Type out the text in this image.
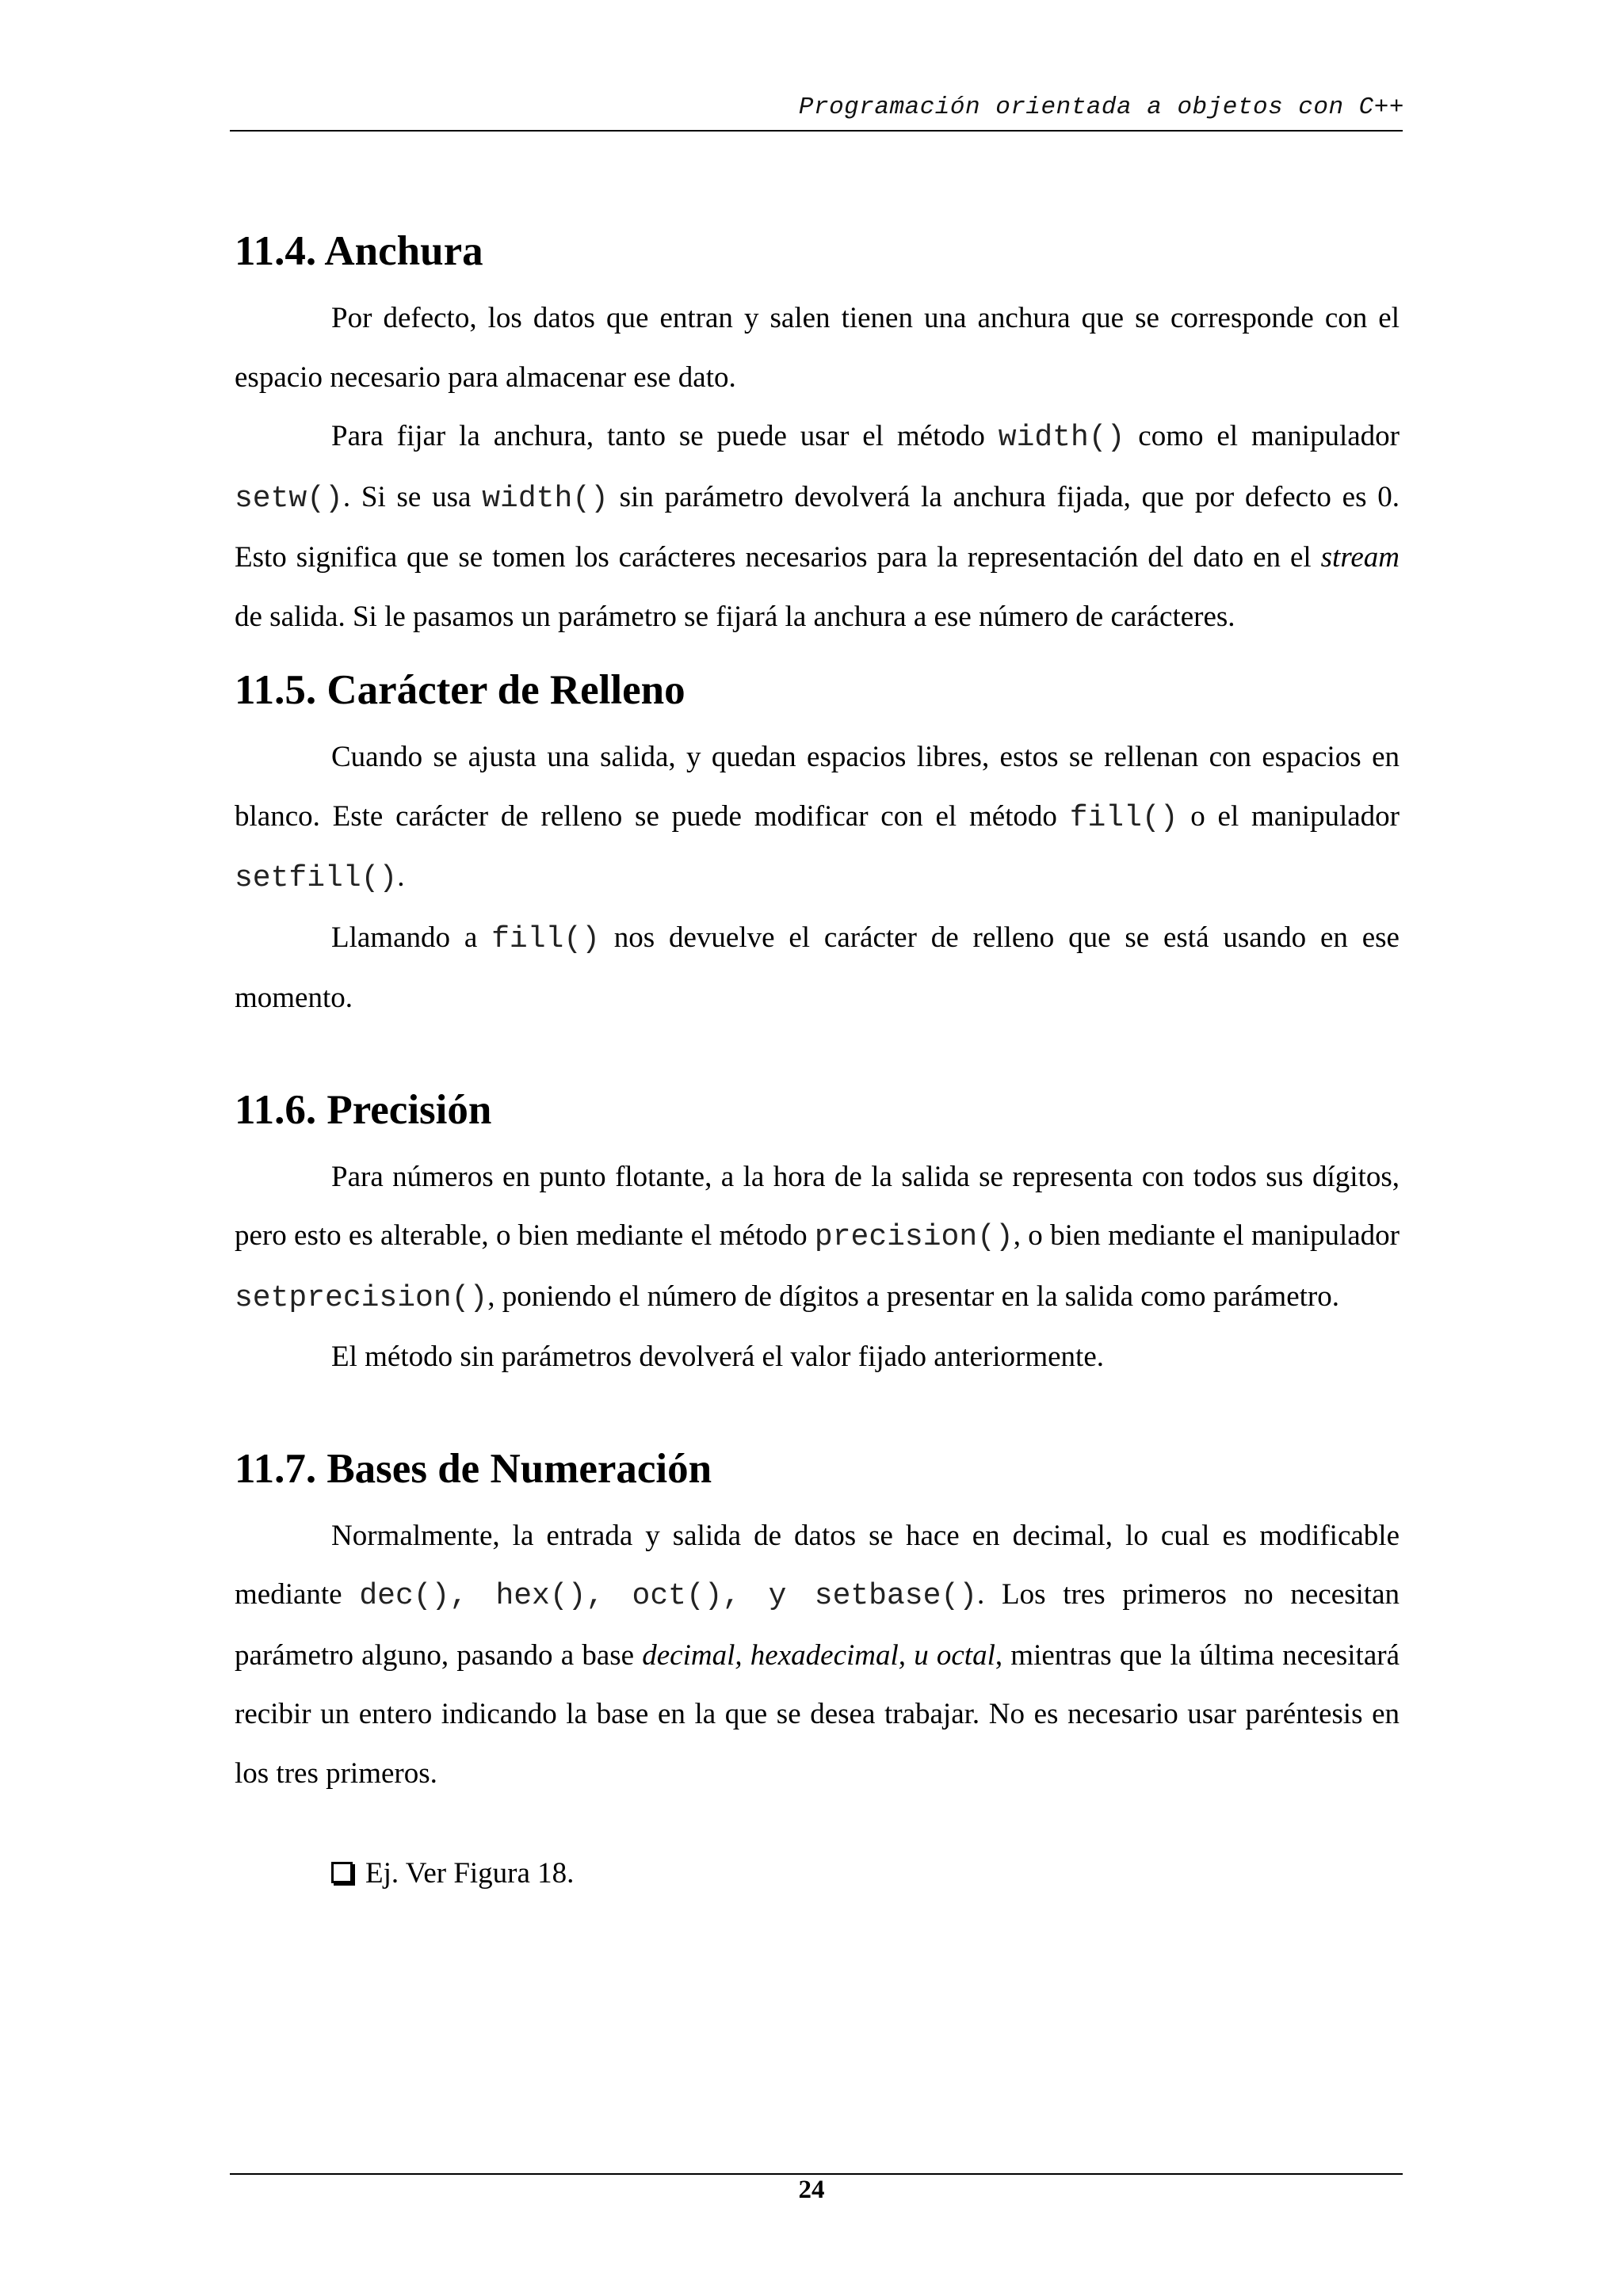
Programación orientada a objetos con C++
11.4. Anchura

Por defecto, los datos que entran y salen tienen una anchura que se corresponde con el espacio necesario para almacenar ese dato.

Para fijar la anchura, tanto se puede usar el método width() como el manipulador setw(). Si se usa width() sin parámetro devolverá la anchura fijada, que por defecto es 0. Esto significa que se tomen los carácteres necesarios para la representación del dato en el stream de salida. Si le pasamos un parámetro se fijará la anchura a ese número de carácteres.

11.5. Carácter de Relleno

Cuando se ajusta una salida, y quedan espacios libres, estos se rellenan con espacios en blanco. Este carácter de relleno se puede modificar con el método fill() o el manipulador setfill().

Llamando a fill() nos devuelve el carácter de relleno que se está usando en ese momento.

11.6. Precisión

Para números en punto flotante, a la hora de la salida se representa con todos sus dígitos, pero esto es alterable, o bien mediante el método precision(), o bien mediante el manipulador setprecision(), poniendo el número de dígitos a presentar en la salida como parámetro.

El método sin parámetros devolverá el valor fijado anteriormente.

11.7. Bases de Numeración

Normalmente, la entrada y salida de datos se hace en decimal, lo cual es modificable mediante dec(), hex(), oct(), y setbase(). Los tres primeros no necesitan parámetro alguno, pasando a base decimal, hexadecimal, u octal, mientras que la última necesitará recibir un entero indicando la base en la que se desea trabajar. No es necesario usar paréntesis en los tres primeros.

Ej. Ver Figura 18.
24
